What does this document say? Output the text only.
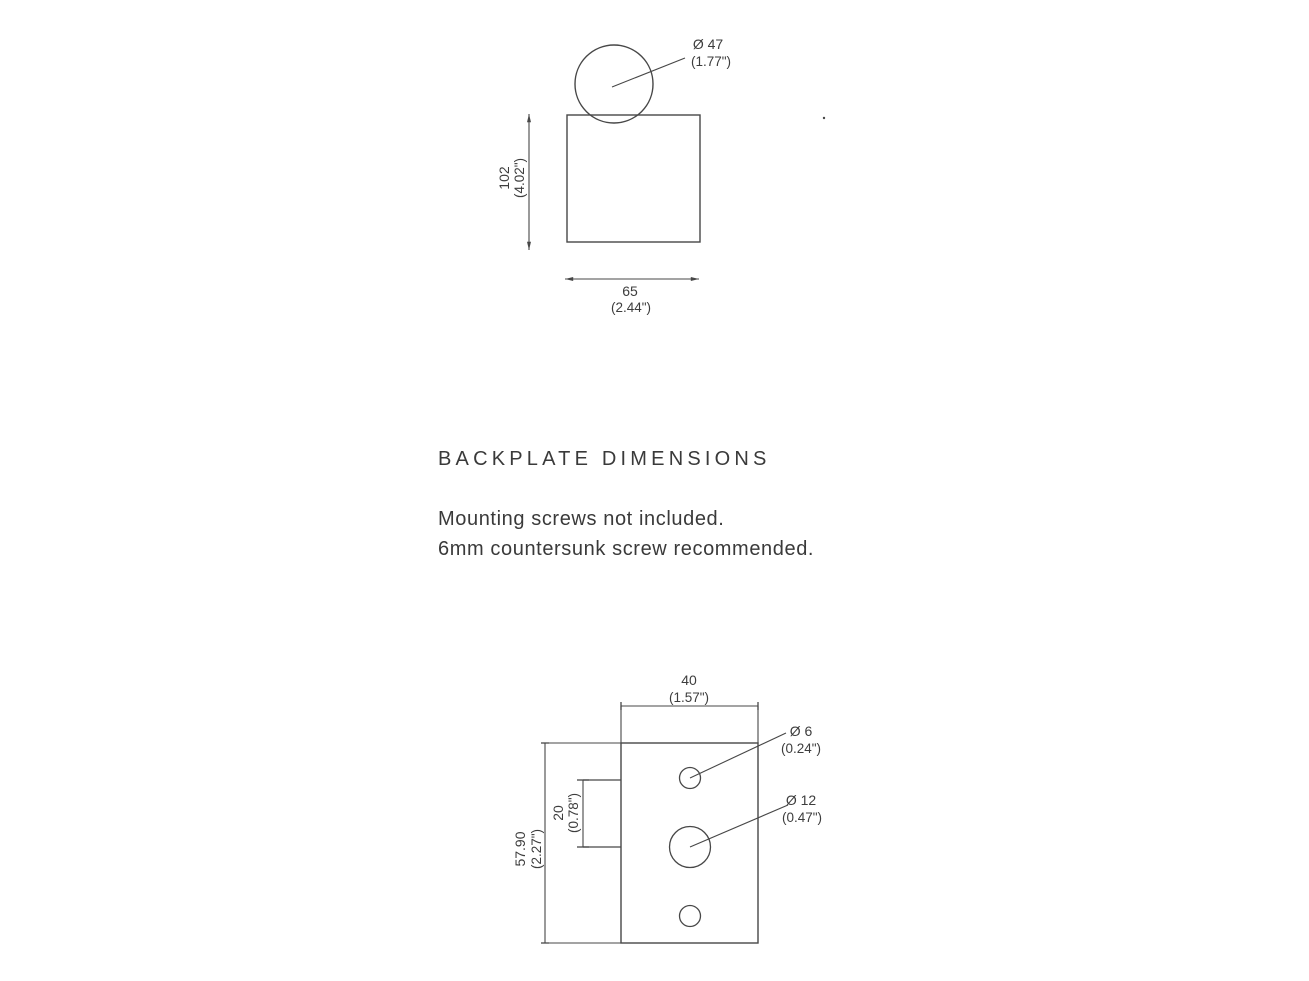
Ø 47
(1.77")
102 (4.02")
65
(2.44")
BACKPLATE DIMENSIONS

Mounting screws not included.
6mm countersunk screw recommended.

40
(1.57")
57.90 (2.27")
20 (0.78")
Ø 6
(0.24")
Ø 12
(0.47")
